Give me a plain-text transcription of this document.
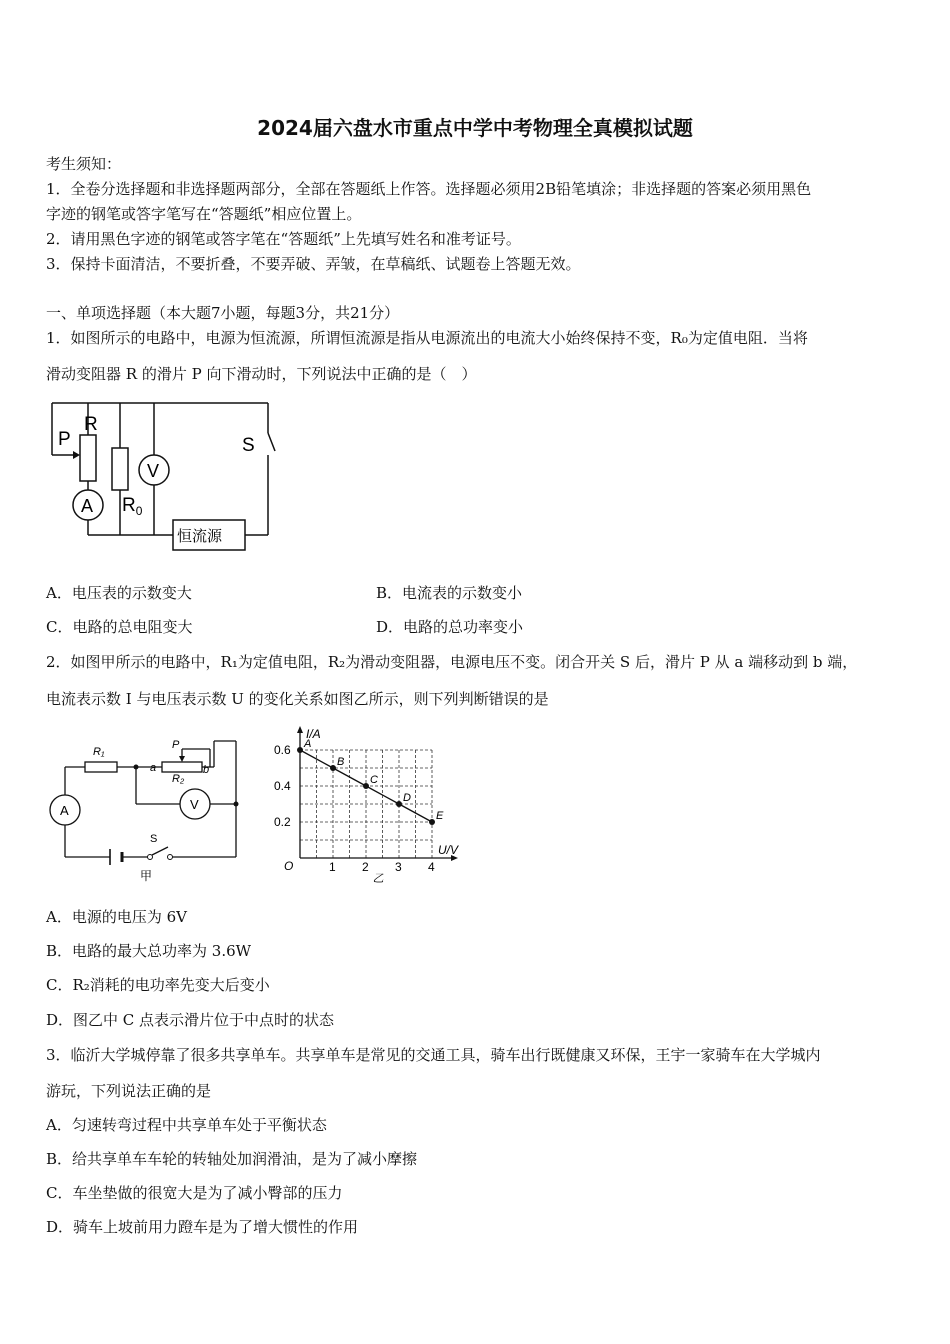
2024届六盘水市重点中学中考物理全真模拟试题
考生须知：
1．全卷分选择题和非选择题两部分，全部在答题纸上作答。选择题必须用2B铅笔填涂；非选择题的答案必须用黑色
字迹的钢笔或答字笔写在“答题纸”相应位置上。
2．请用黑色字迹的钢笔或答字笔在“答题纸”上先填写姓名和准考证号。
3．保持卡面清洁，不要折叠，不要弄破、弄皱，在草稿纸、试题卷上答题无效。
一、单项选择题（本大题7小题，每题3分，共21分）
1．如图所示的电路中，电源为恒流源，所谓恒流源是指从电源流出的电流大小始终保持不变，R₀为定值电阻．当将
滑动变阻器 R 的滑片 P 向下滑动时，下列说法中正确的是（　）
P
R
S
V
A $R_0$
恒流源
A．电压表的示数变大	B．电流表的示数变小
C．电路的总电阻变大	D．电路的总功率变小
2．如图甲所示的电路中，R₁为定值电阻，R₂为滑动变阻器，电源电压不变。闭合开关 S 后，滑片 P 从 a 端移动到 b 端，
电流表示数 I 与电压表示数 U 的变化关系如图乙所示，则下列判断错误的是
R₁
P
a	b
R₂
A	V
S
甲
I/A
U/V
O
乙
1 2 3 4
0.2
0.4
0.6 A
B
C
D
E
A．电源的电压为 6V
B．电路的最大总功率为 3.6W
C．R₂消耗的电功率先变大后变小
D．图乙中 C 点表示滑片位于中点时的状态
3．临沂大学城停靠了很多共享单车。共享单车是常见的交通工具，骑车出行既健康又环保，王宇一家骑车在大学城内
游玩，下列说法正确的是
A．匀速转弯过程中共享单车处于平衡状态
B．给共享单车车轮的转轴处加润滑油，是为了减小摩擦
C．车坐垫做的很宽大是为了减小臀部的压力
D．骑车上坡前用力蹬车是为了增大惯性的作用
